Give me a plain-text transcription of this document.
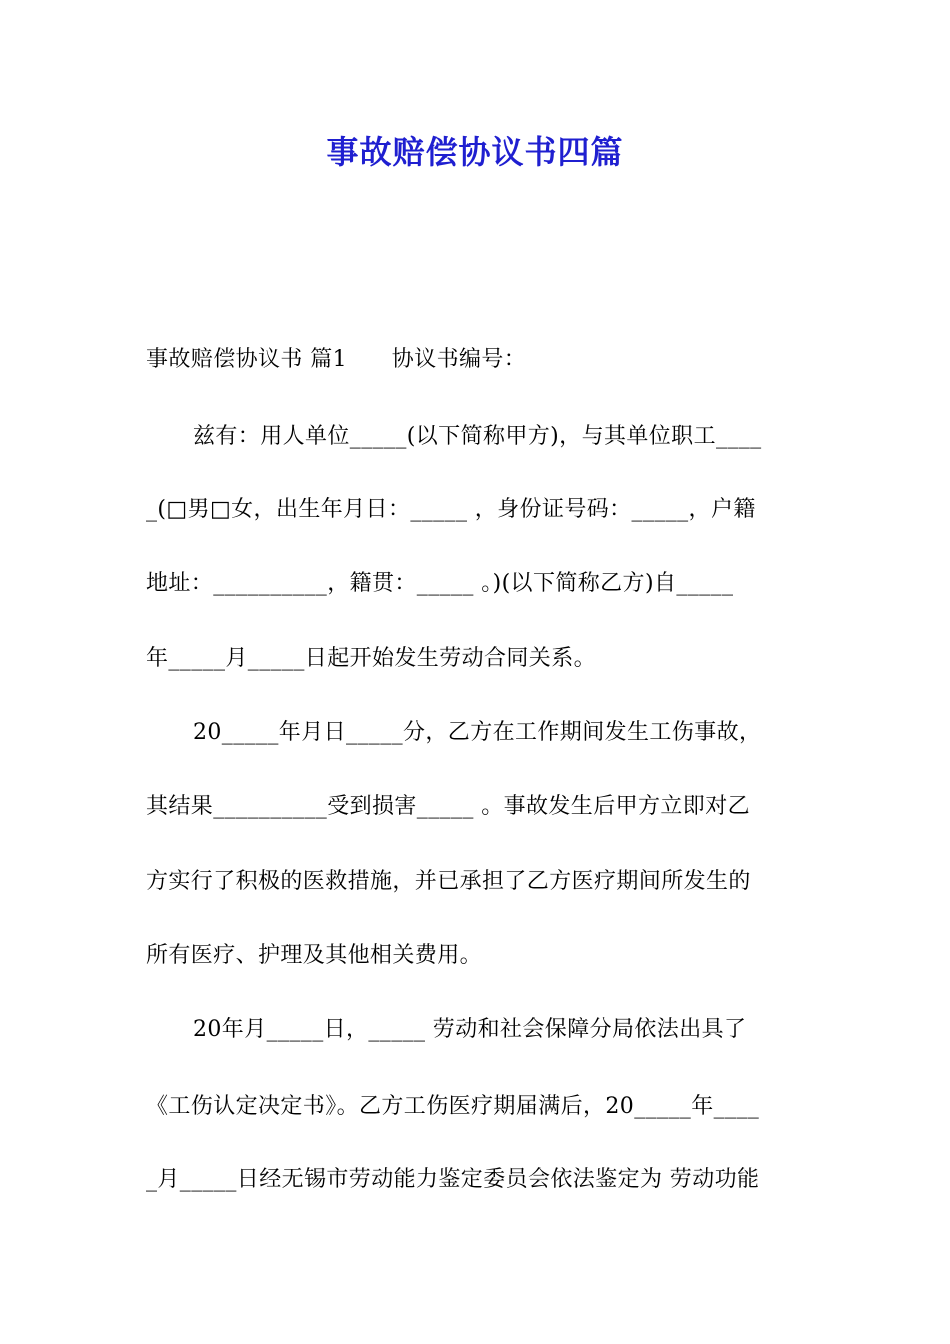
事故赔偿协议书四篇
事故赔偿协议书 篇1　　协议书编号：
兹有：用人单位_____(以下简称甲方)，与其单位职工____
_(□男□女，出生年月日：_____ ，身份证号码：_____，户籍
地址：__________，籍贯：_____ 。)(以下简称乙方)自_____
年_____月_____日起开始发生劳动合同关系。
20_____年月日_____分，乙方在工作期间发生工伤事故，
其结果__________受到损害_____ 。事故发生后甲方立即对乙
方实行了积极的医救措施，并已承担了乙方医疗期间所发生的
所有医疗、护理及其他相关费用。
20年月_____日，_____ 劳动和社会保障分局依法出具了
《工伤认定决定书》。乙方工伤医疗期届满后，20_____年____
_月_____日经无锡市劳动能力鉴定委员会依法鉴定为 劳动功能
